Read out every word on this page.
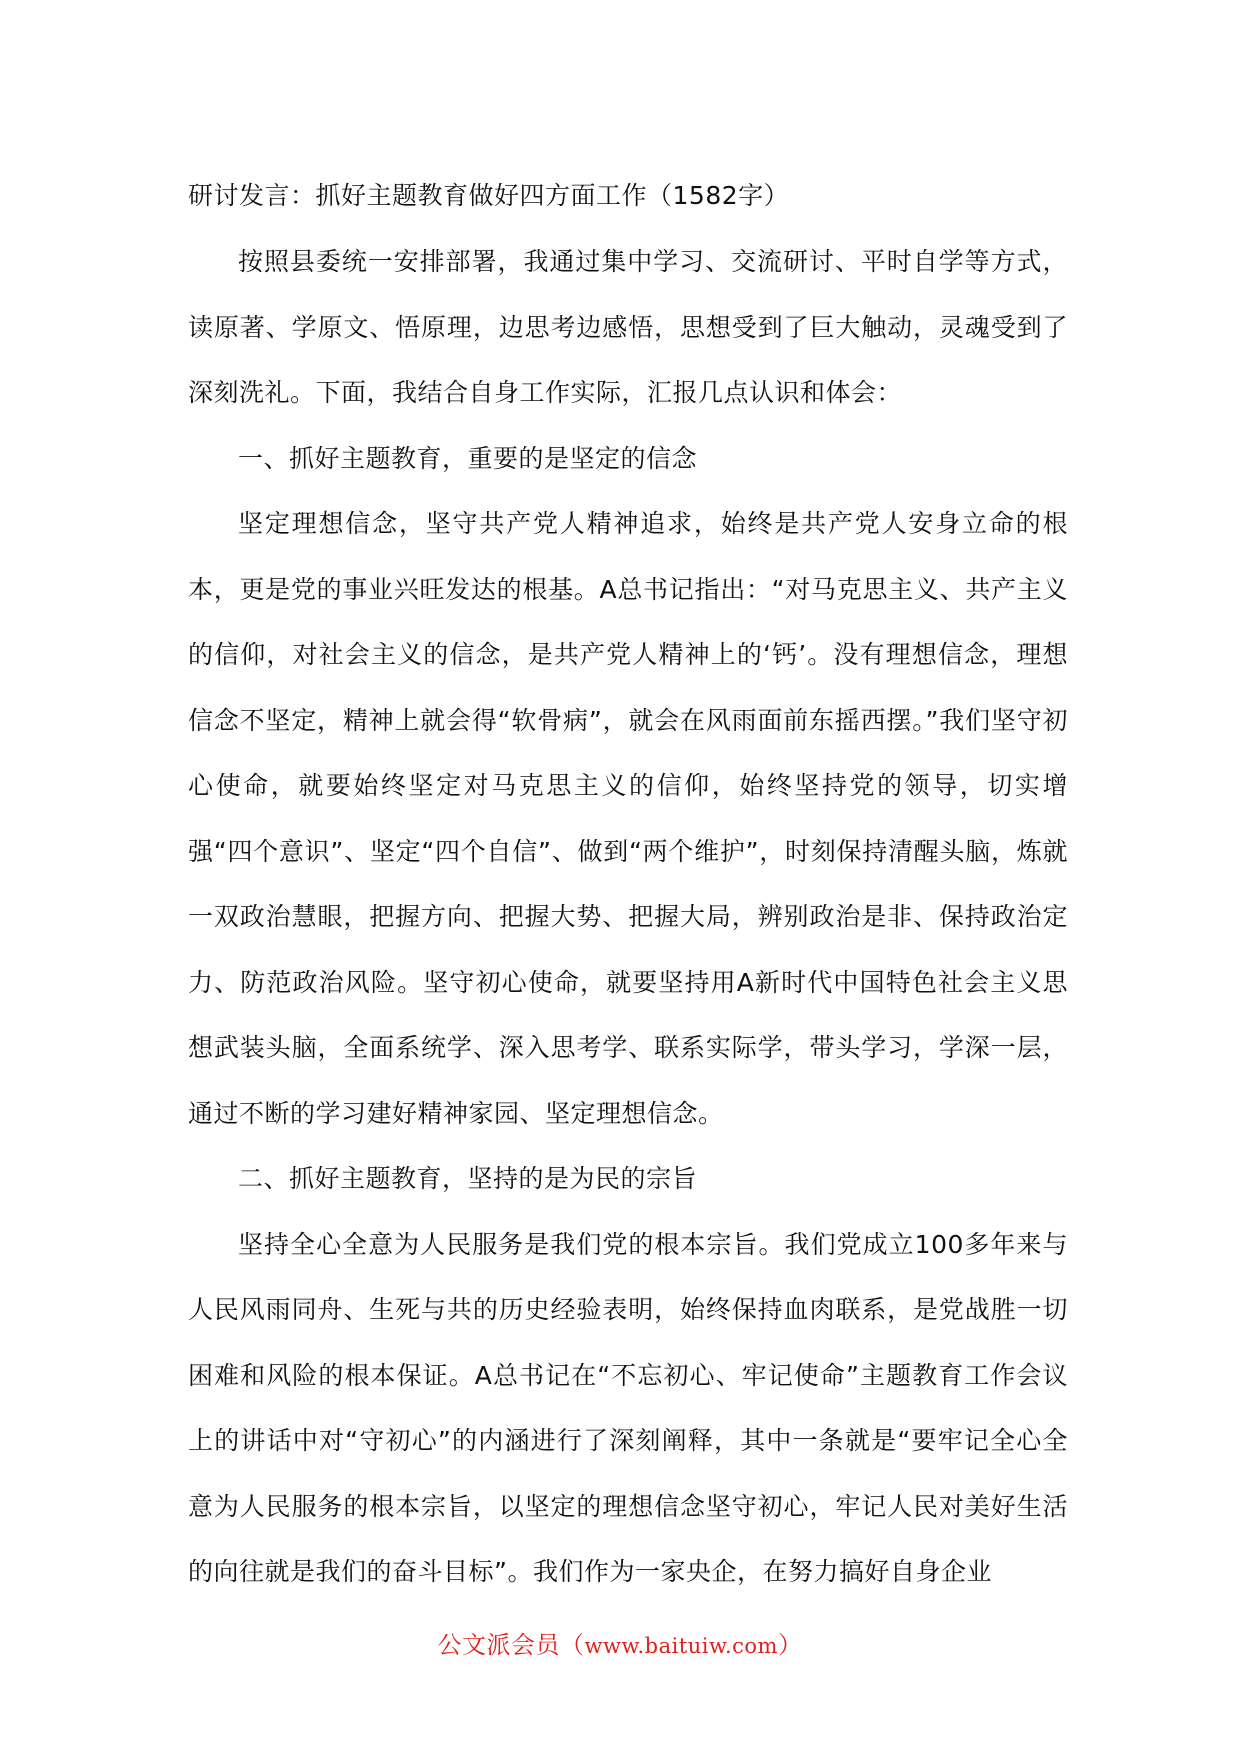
研讨发言：抓好主题教育做好四方面工作（1582字）

按照县委统一安排部署，我通过集中学习、交流研讨、平时自学等方式，读原著、学原文、悟原理，边思考边感悟，思想受到了巨大触动，灵魂受到了深刻洗礼。下面，我结合自身工作实际，汇报几点认识和体会：

一、抓好主题教育，重要的是坚定的信念

坚定理想信念，坚守共产党人精神追求，始终是共产党人安身立命的根本，更是党的事业兴旺发达的根基。A总书记指出：“对马克思主义、共产主义的信仰，对社会主义的信念，是共产党人精神上的‘钙’。没有理想信念，理想信念不坚定，精神上就会得“软骨病”，就会在风雨面前东摇西摆。”我们坚守初心使命，就要始终坚定对马克思主义的信仰，始终坚持党的领导，切实增强“四个意识”、坚定“四个自信”、做到“两个维护”，时刻保持清醒头脑，炼就一双政治慧眼，把握方向、把握大势、把握大局，辨别政治是非、保持政治定力、防范政治风险。坚守初心使命，就要坚持用A新时代中国特色社会主义思想武装头脑，全面系统学、深入思考学、联系实际学，带头学习，学深一层，通过不断的学习建好精神家园、坚定理想信念。

二、抓好主题教育，坚持的是为民的宗旨

坚持全心全意为人民服务是我们党的根本宗旨。我们党成立100多年来与人民风雨同舟、生死与共的历史经验表明，始终保持血肉联系，是党战胜一切困难和风险的根本保证。A总书记在“不忘初心、牢记使命”主题教育工作会议上的讲话中对“守初心”的内涵进行了深刻阐释，其中一条就是“要牢记全心全意为人民服务的根本宗旨，以坚定的理想信念坚守初心，牢记人民对美好生活的向往就是我们的奋斗目标”。我们作为一家央企，在努力搞好自身企业

公文派会员（www.baituiw.com）
